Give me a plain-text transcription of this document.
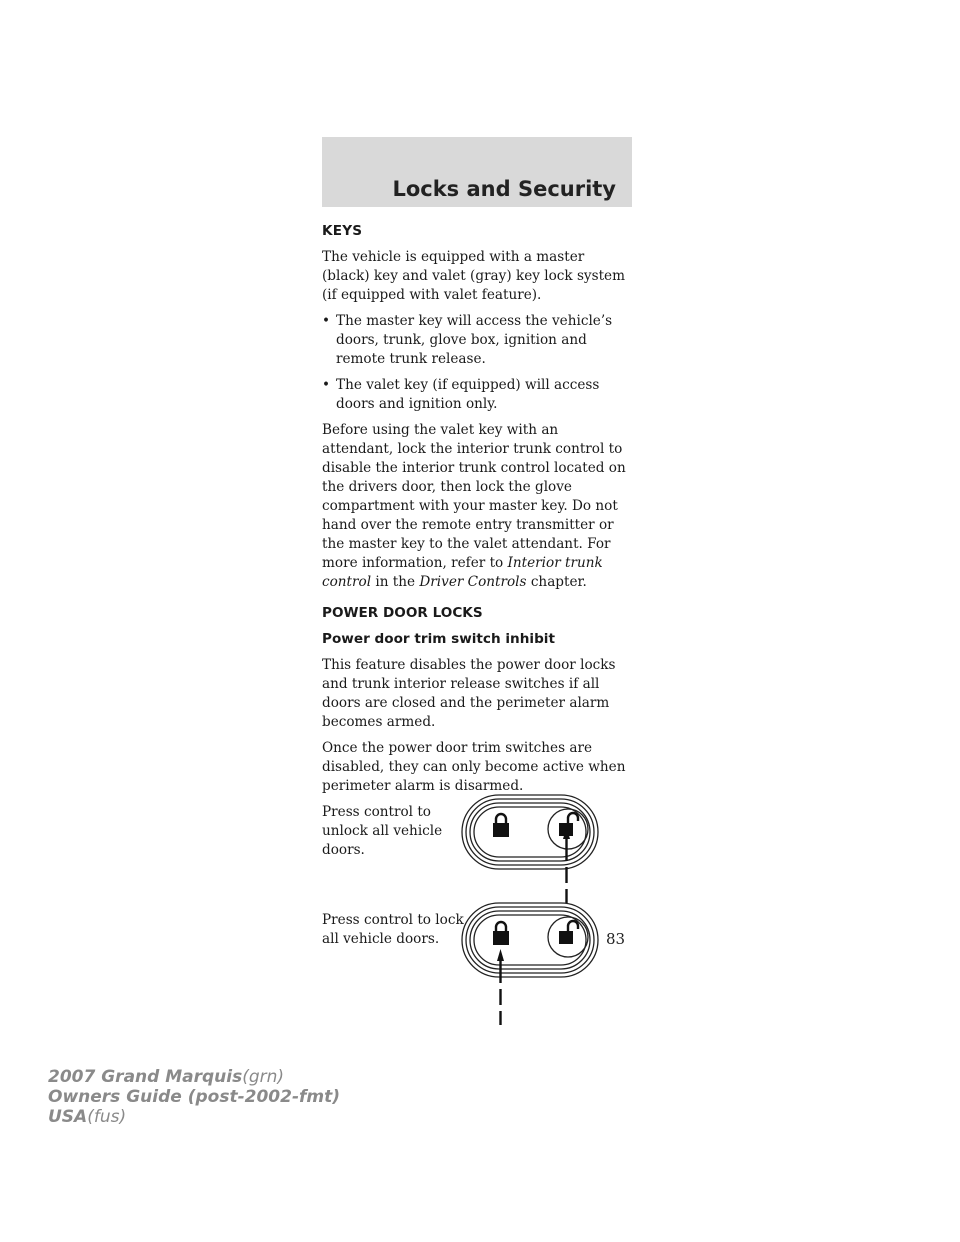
Locks and Security
KEYS

The vehicle is equipped with a master (black) key and valet (gray) key lock system (if equipped with valet feature).

• The master key will access the vehicle’s doors, trunk, glove box, ignition and remote trunk release.
• The valet key (if equipped) will access doors and ignition only.

Before using the valet key with an attendant, lock the interior trunk control to disable the interior trunk control located on the drivers door, then lock the glove compartment with your master key. Do not hand over the remote entry transmitter or the master key to the valet attendant. For more information, refer to Interior trunk control in the Driver Controls chapter.

POWER DOOR LOCKS
Power door trim switch inhibit

This feature disables the power door locks and trunk interior release switches if all doors are closed and the perimeter alarm becomes armed.

Once the power door trim switches are disabled, they can only become active when perimeter alarm is disarmed.

Press control to unlock all vehicle doors.
Press control to lock all vehicle doors.	83
2007 Grand Marquis(grn)
Owners Guide (post-2002-fmt)
USA(fus)
